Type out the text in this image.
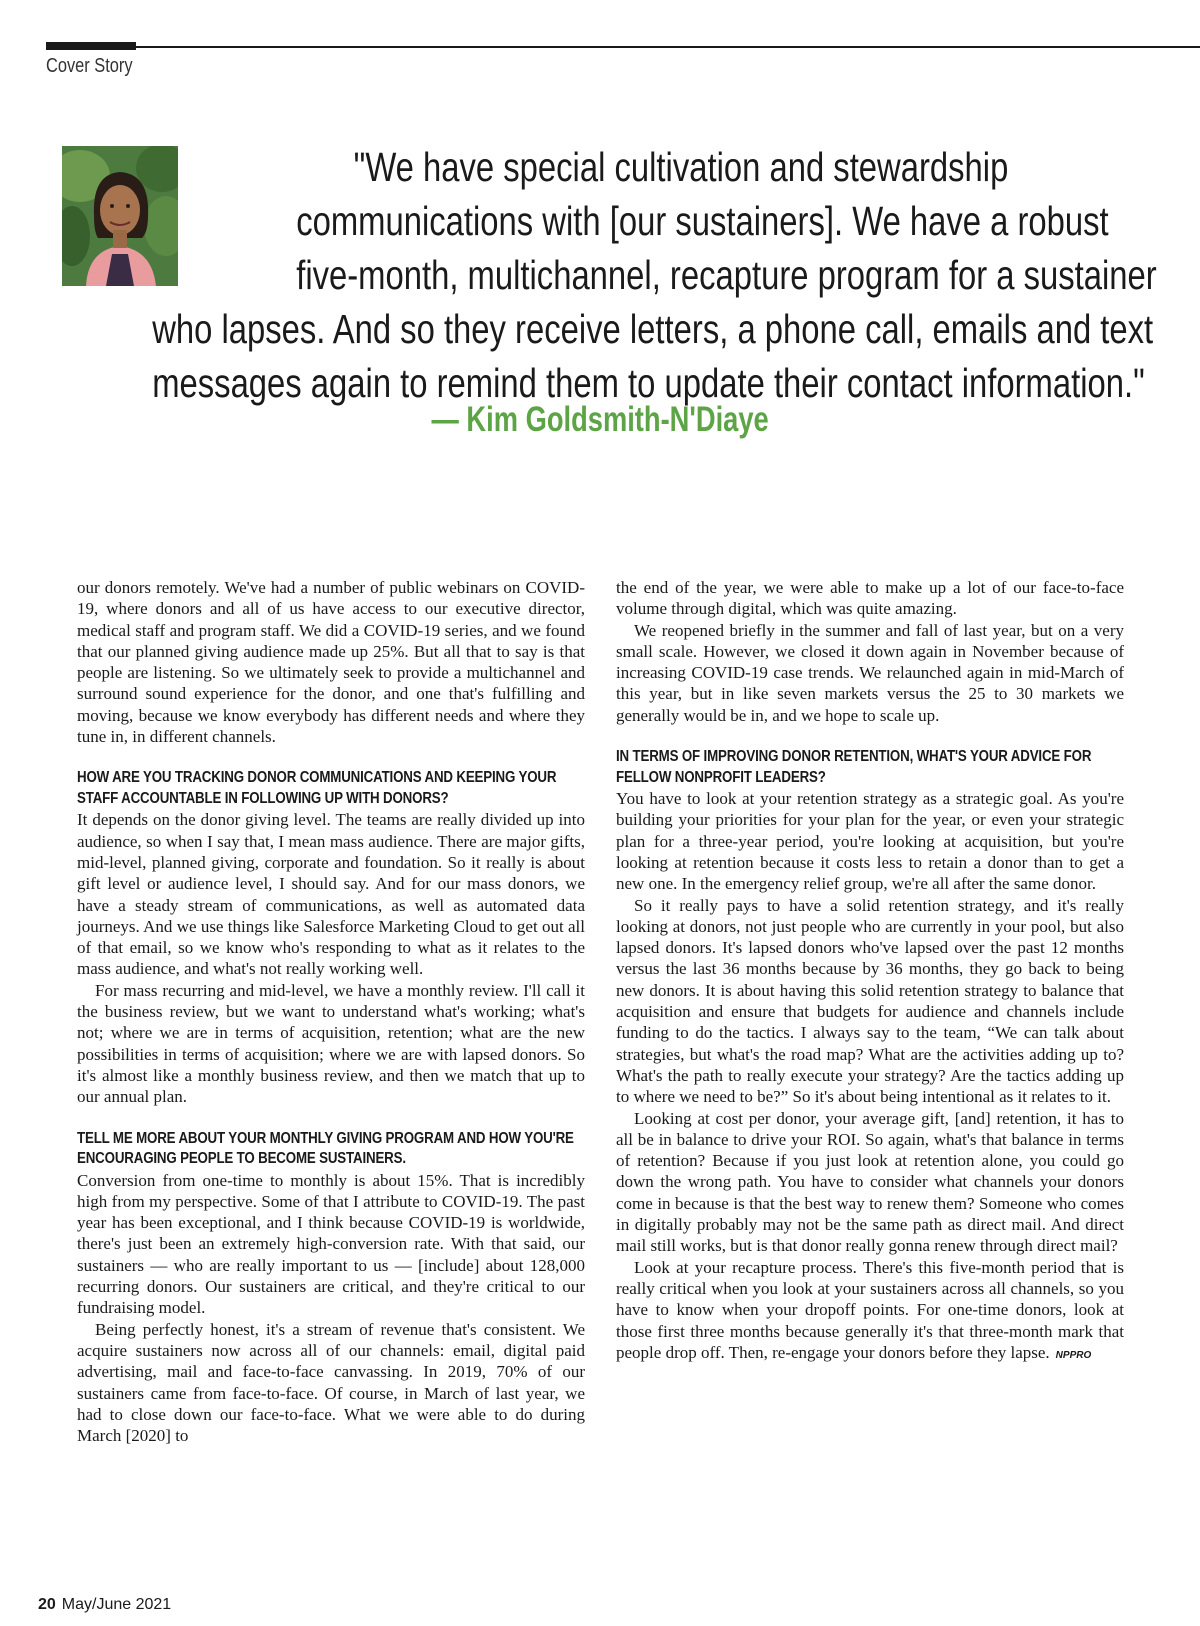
Cover Story
"We have special cultivation and stewardship
communications with [our sustainers]. We have a robust
five-month, multichannel, recapture program for a sustainer
who lapses. And so they receive letters, a phone call, emails and text
messages again to remind them to update their contact information."
— Kim Goldsmith-N'Diaye

our donors remotely. We've had a number of public webinars on COVID-19, where donors and all of us have access to our executive director, medical staff and program staff. We did a COVID-19 series, and we found that our planned giving audience made up 25%. But all that to say is that people are listening. So we ultimately seek to provide a multichannel and surround sound experience for the donor, and one that's fulfilling and moving, because we know everybody has different needs and where they tune in, in different channels.

HOW ARE YOU TRACKING DONOR COMMUNICATIONS AND KEEPING YOUR STAFF ACCOUNTABLE IN FOLLOWING UP WITH DONORS?

It depends on the donor giving level. The teams are really divided up into audience, so when I say that, I mean mass audience. There are major gifts, mid-level, planned giving, corporate and foundation. So it really is about gift level or audience level, I should say. And for our mass donors, we have a steady stream of communications, as well as automated data journeys. And we use things like Salesforce Marketing Cloud to get out all of that email, so we know who's responding to what as it relates to the mass audience, and what's not really working well.

For mass recurring and mid-level, we have a monthly review. I'll call it the business review, but we want to understand what's working; what's not; where we are in terms of acquisition, retention; what are the new possibilities in terms of acquisition; where we are with lapsed donors. So it's almost like a monthly business review, and then we match that up to our annual plan.

TELL ME MORE ABOUT YOUR MONTHLY GIVING PROGRAM AND HOW YOU'RE ENCOURAGING PEOPLE TO BECOME SUSTAINERS.

Conversion from one-time to monthly is about 15%. That is incredibly high from my perspective. Some of that I attribute to COVID-19. The past year has been exceptional, and I think because COVID-19 is worldwide, there's just been an extremely high-conversion rate. With that said, our sustainers — who are really important to us — [include] about 128,000 recurring donors. Our sustainers are critical, and they're critical to our fundraising model.

Being perfectly honest, it's a stream of revenue that's consistent. We acquire sustainers now across all of our channels: email, digital paid advertising, mail and face-to-face canvassing. In 2019, 70% of our sustainers came from face-to-face. Of course, in March of last year, we had to close down our face-to-face. What we were able to do during March [2020] to

the end of the year, we were able to make up a lot of our face-to-face volume through digital, which was quite amazing.

We reopened briefly in the summer and fall of last year, but on a very small scale. However, we closed it down again in November because of increasing COVID-19 case trends. We relaunched again in mid-March of this year, but in like seven markets versus the 25 to 30 markets we generally would be in, and we hope to scale up.

IN TERMS OF IMPROVING DONOR RETENTION, WHAT'S YOUR ADVICE FOR FELLOW NONPROFIT LEADERS?

You have to look at your retention strategy as a strategic goal. As you're building your priorities for your plan for the year, or even your strategic plan for a three-year period, you're looking at acquisition, but you're looking at retention because it costs less to retain a donor than to get a new one. In the emergency relief group, we're all after the same donor.

So it really pays to have a solid retention strategy, and it's really looking at donors, not just people who are currently in your pool, but also lapsed donors. It's lapsed donors who've lapsed over the past 12 months versus the last 36 months because by 36 months, they go back to being new donors. It is about having this solid retention strategy to balance that acquisition and ensure that budgets for audience and channels include funding to do the tactics. I always say to the team, “We can talk about strategies, but what's the road map? What are the activities adding up to? What's the path to really execute your strategy? Are the tactics adding up to where we need to be?” So it's about being intentional as it relates to it.

Looking at cost per donor, your average gift, [and] retention, it has to all be in balance to drive your ROI. So again, what's that balance in terms of retention? Because if you just look at retention alone, you could go down the wrong path. You have to consider what channels your donors come in because is that the best way to renew them? Someone who comes in digitally probably may not be the same path as direct mail. And direct mail still works, but is that donor really gonna renew through direct mail?

Look at your recapture process. There's this five-month period that is really critical when you look at your sustainers across all channels, so you have to know when your dropoff points. For one-time donors, look at those first three months because generally it's that three-month mark that people drop off. Then, re-engage your donors before they lapse. NPPRO

20 May/June 2021
